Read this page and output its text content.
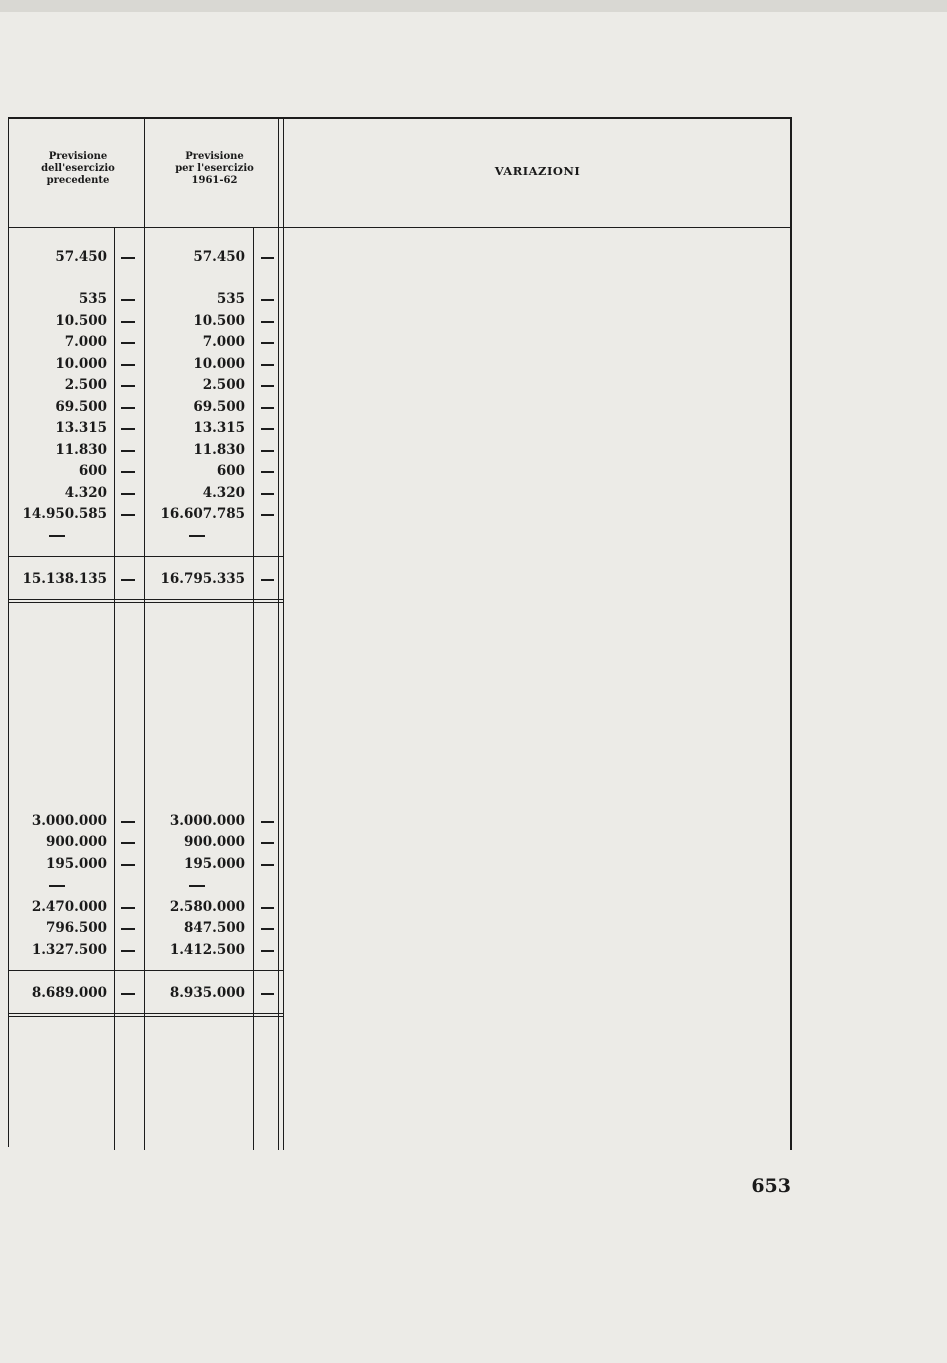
Previsione
dell'esercizio
precedente
Previsione
per l'esercizio
1961-62
VARIAZIONI
57.450	57.450
535	535
10.500	10.500
7.000	7.000
10.000	10.000
2.500	2.500
69.500	69.500
13.315	13.315
11.830	11.830
600	600
4.320	4.320
14.950.585	16.607.785
15.138.135	16.795.335
3.000.000	3.000.000
900.000	900.000
195.000	195.000
2.470.000	2.580.000
796.500	847.500
1.327.500	1.412.500
8.689.000	8.935.000
653
